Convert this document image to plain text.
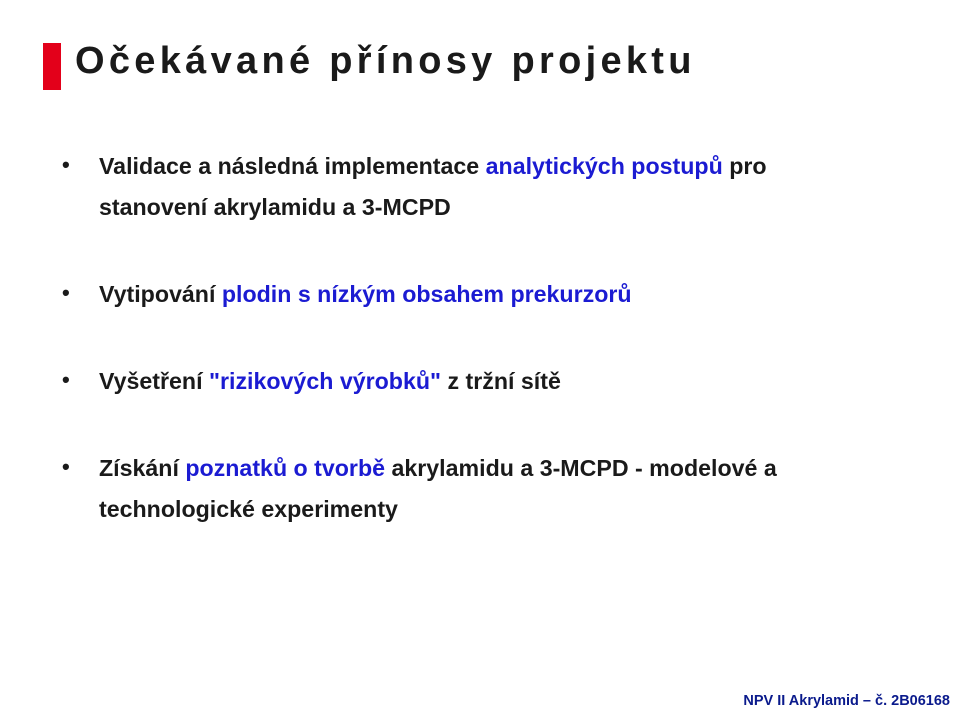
Očekávané přínosy projektu
• Validace a následná implementace analytických postupů pro stanovení akrylamidu a 3-MCPD
• Vytipování plodin s nízkým obsahem prekurzorů
• Vyšetření "rizikových výrobků" z tržní sítě
• Získání poznatků o tvorbě akrylamidu a 3-MCPD - modelové a technologické experimenty
NPV II Akrylamid – č. 2B06168
